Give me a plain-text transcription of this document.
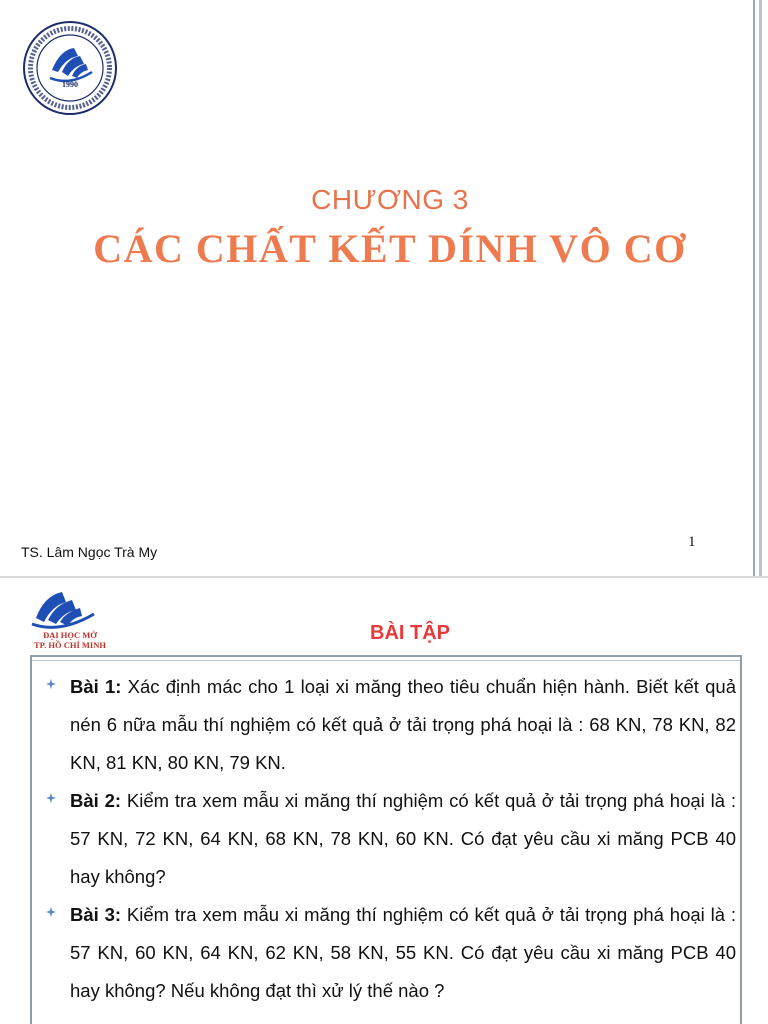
1990
CHƯƠNG 3
CÁC CHẤT KẾT DÍNH VÔ CƠ
TS. Lâm Ngọc Trà My
1
ĐẠI HỌC MỞ
TP. HỒ CHÍ MINH
BÀI TẬP
Bài 1: Xác định mác cho 1 loại xi măng theo tiêu chuẩn hiện hành. Biết kết quả nén 6 nữa mẫu thí nghiệm có kết quả ở tải trọng phá hoại là : 68 KN, 78 KN, 82 KN, 81 KN, 80 KN, 79 KN.
Bài 2: Kiểm tra xem mẫu xi măng thí nghiệm có kết quả ở tải trọng phá hoại là : 57 KN, 72 KN, 64 KN, 68 KN, 78 KN, 60 KN. Có đạt yêu cầu xi măng PCB 40 hay không?
Bài 3: Kiểm tra xem mẫu xi măng thí nghiệm có kết quả ở tải trọng phá hoại là : 57 KN, 60 KN, 64 KN, 62 KN, 58 KN, 55 KN. Có đạt yêu cầu xi măng PCB 40 hay không? Nếu không đạt thì xử lý thế nào ?
